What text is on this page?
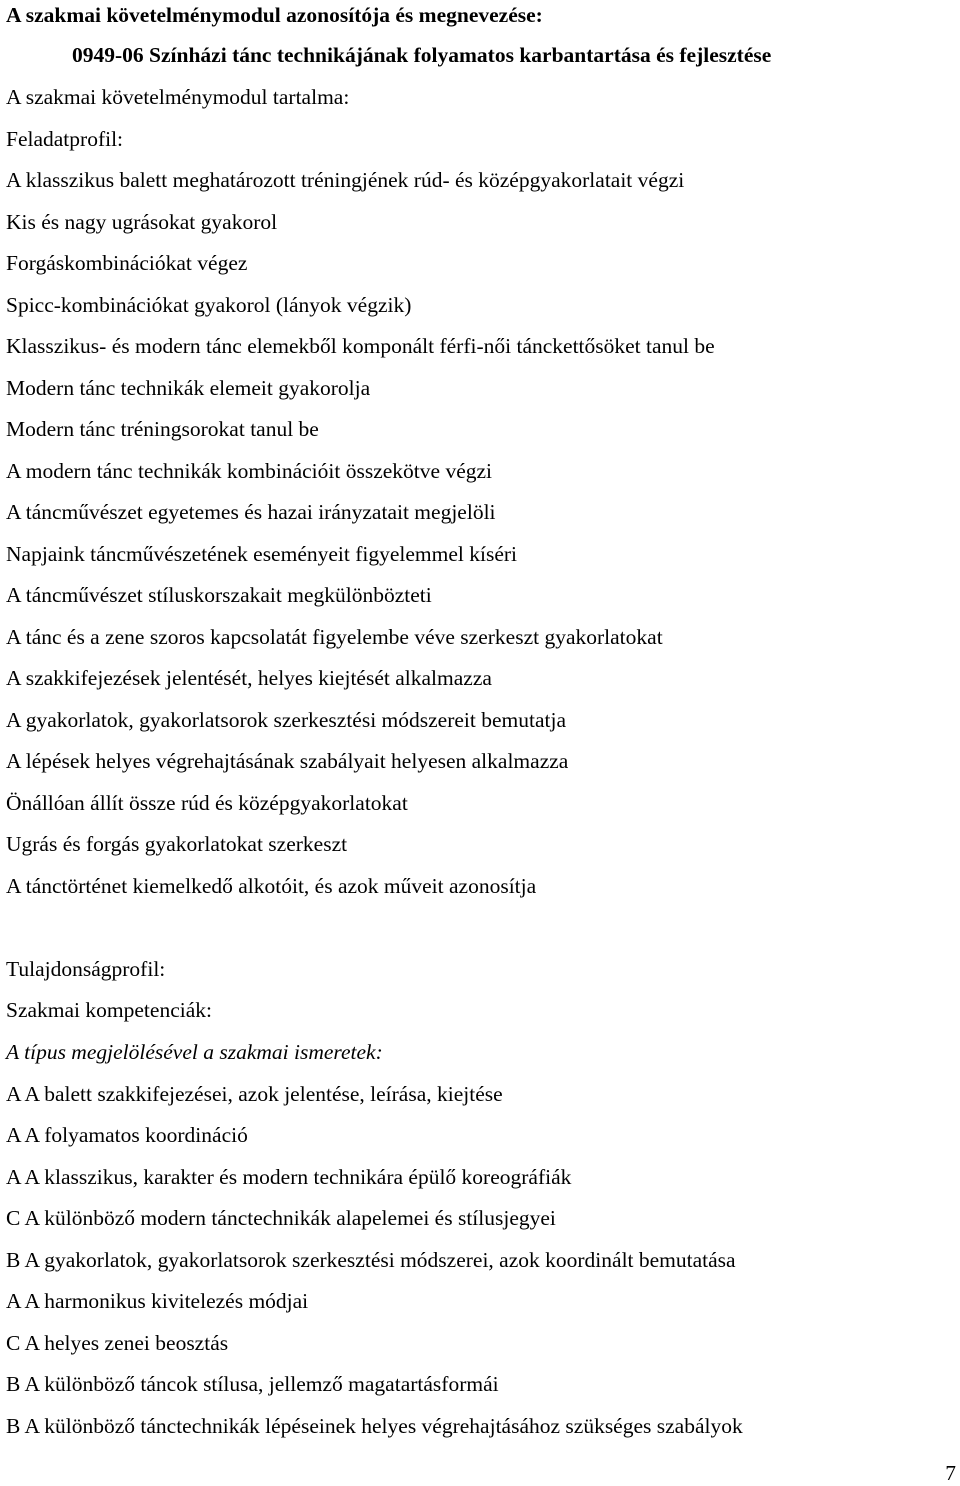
A szakmai követelménymodul azonosítója és megnevezése:
0949-06 Színházi tánc technikájának folyamatos karbantartása és fejlesztése
A szakmai követelménymodul tartalma:
Feladatprofil:
A klasszikus balett meghatározott tréningjének rúd- és középgyakorlatait végzi
Kis és nagy ugrásokat gyakorol
Forgáskombinációkat végez
Spicc-kombinációkat gyakorol (lányok végzik)
Klasszikus- és modern tánc elemekből komponált férfi-női tánckettősöket tanul be
Modern tánc technikák elemeit gyakorolja
Modern tánc tréningsorokat tanul be
A modern tánc technikák kombinációit összekötve végzi
A táncművészet egyetemes és hazai irányzatait megjelöli
Napjaink táncművészetének eseményeit figyelemmel kíséri
A táncművészet stíluskorszakait megkülönbözteti
A tánc és a zene szoros kapcsolatát figyelembe véve szerkeszt gyakorlatokat
A szakkifejezések jelentését, helyes kiejtését alkalmazza
A gyakorlatok, gyakorlatsorok szerkesztési módszereit bemutatja
A lépések helyes végrehajtásának szabályait helyesen alkalmazza
Önállóan állít össze rúd és középgyakorlatokat
Ugrás és forgás gyakorlatokat szerkeszt
A tánctörténet kiemelkedő alkotóit, és azok műveit azonosítja
Tulajdonságprofil:
Szakmai kompetenciák:
A típus megjelölésével a szakmai ismeretek:
A A balett szakkifejezései, azok jelentése, leírása, kiejtése
A A folyamatos koordináció
A A klasszikus, karakter és modern technikára épülő koreográfiák
C A különböző modern tánctechnikák alapelemei és stílusjegyei
B A gyakorlatok, gyakorlatsorok szerkesztési módszerei, azok koordinált bemutatása
A A harmonikus kivitelezés módjai
C A helyes zenei beosztás
B A különböző táncok stílusa, jellemző magatartásformái
B A különböző tánctechnikák lépéseinek helyes végrehajtásához szükséges szabályok
7
